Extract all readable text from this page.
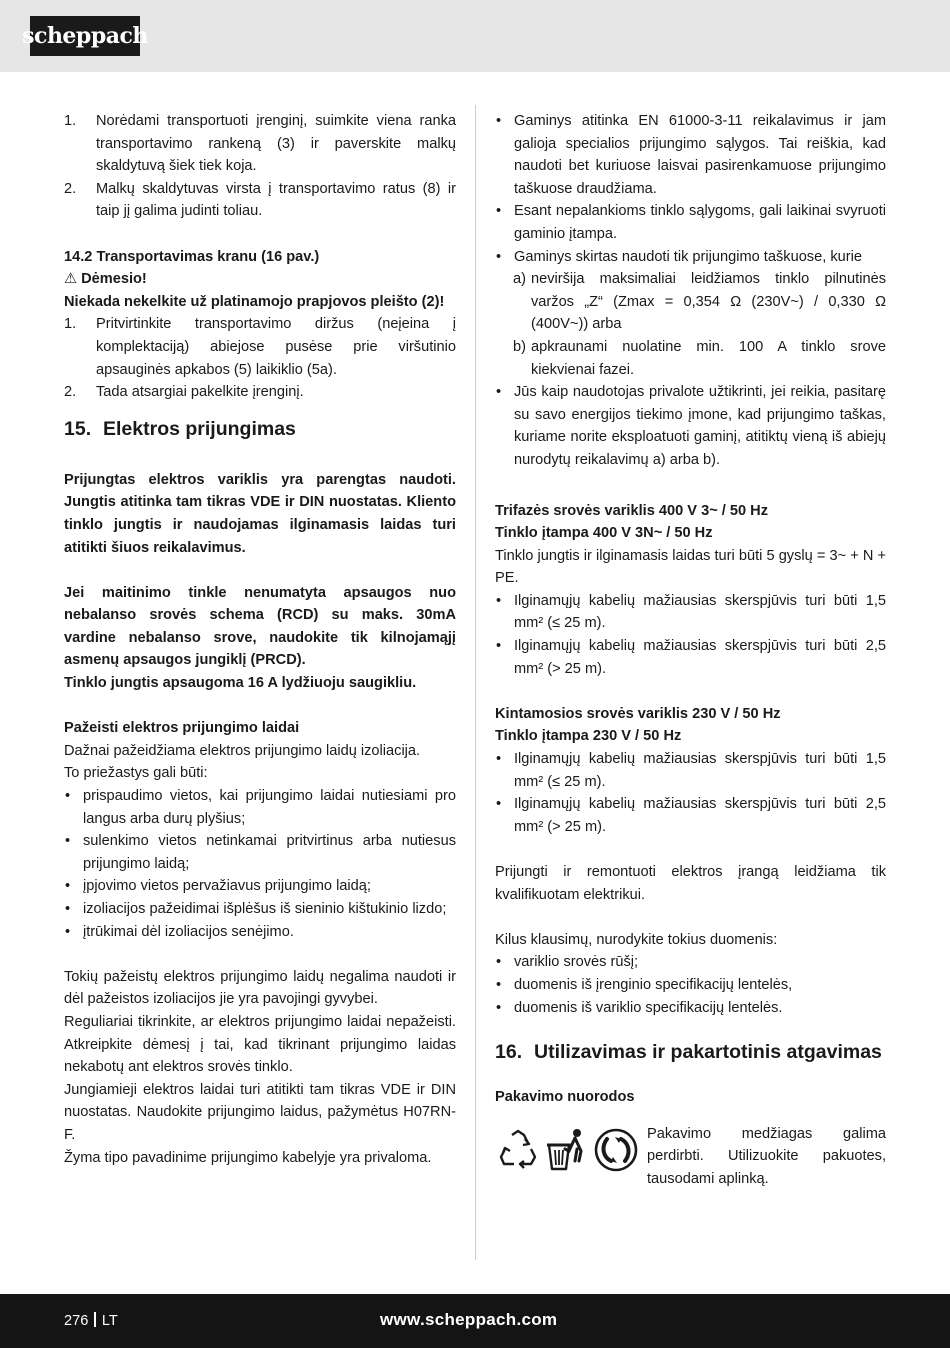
scheppach
1. Norėdami transportuoti įrenginį, suimkite viena ranka transportavimo rankeną (3) ir paverskite malkų skaldytuvą šiek tiek koja.
2. Malkų skaldytuvas virsta į transportavimo ratus (8) ir taip jį galima judinti toliau.

14.2 Transportavimas kranu (16 pav.)

⚠ Dėmesio!

Niekada nekelkite už platinamojo prapjovos pleišto (2)!

1. Pritvirtinkite transportavimo diržus (neįeina į komplektaciją) abiejose pusėse prie viršutinio apsauginės apkabos (5) laikiklio (5a).
2. Tada atsargiai pakelkite įrenginį.
15. Elektros prijungimas

Prijungtas elektros variklis yra parengtas naudoti. Jungtis atitinka tam tikras VDE ir DIN nuostatas. Kliento tinklo jungtis ir naudojamas ilginamasis laidas turi atitikti šiuos reikalavimus.

Jei maitinimo tinkle nenumatyta apsaugos nuo nebalanso srovės schema (RCD) su maks. 30mA vardine nebalanso srove, naudokite tik kilnojamąjį asmenų apsaugos jungiklį (PRCD).

Tinklo jungtis apsaugoma 16 A lydžiuoju saugikliu.

Pažeisti elektros prijungimo laidai

Dažnai pažeidžiama elektros prijungimo laidų izoliacija.

To priežastys gali būti:

• prispaudimo vietos, kai prijungimo laidai nutiesiami pro langus arba durų plyšius;
• sulenkimo vietos netinkamai pritvirtinus arba nutiesus prijungimo laidą;
• įpjovimo vietos pervažiavus prijungimo laidą;
• izoliacijos pažeidimai išplėšus iš sieninio kištukinio lizdo;
• įtrūkimai dėl izoliacijos senėjimo.

Tokių pažeistų elektros prijungimo laidų negalima naudoti ir dėl pažeistos izoliacijos jie yra pavojingi gyvybei.

Reguliariai tikrinkite, ar elektros prijungimo laidai nepažeisti. Atkreipkite dėmesį į tai, kad tikrinant prijungimo laidas nekabotų ant elektros srovės tinklo.

Jungiamieji elektros laidai turi atitikti tam tikras VDE ir DIN nuostatas. Naudokite prijungimo laidus, pažymėtus H07RN-F.

Žyma tipo pavadinime prijungimo kabelyje yra privaloma.

• Gaminys atitinka EN 61000-3-11 reikalavimus ir jam galioja specialios prijungimo sąlygos. Tai reiškia, kad naudoti bet kuriuose laisvai pasirenkamuose prijungimo taškuose draudžiama.
• Esant nepalankioms tinklo sąlygoms, gali laikinai svyruoti gaminio įtampa.
• Gaminys skirtas naudoti tik prijungimo taškuose, kurie
a) neviršija maksimaliai leidžiamos tinklo pilnutinės varžos „Z“ (Zmax = 0,354 Ω (230V~) / 0,330 Ω (400V~)) arba
b) apkraunami nuolatine min. 100 A tinklo srove kiekvienai fazei.
• Jūs kaip naudotojas privalote užtikrinti, jei reikia, pasitarę su savo energijos tiekimo įmone, kad prijungimo taškas, kuriame norite eksploatuoti gaminį, atitiktų vieną iš abiejų nurodytų reikalavimų a) arba b).

Trifazės srovės variklis 400 V 3~ / 50 Hz

Tinklo įtampa 400 V 3N~ / 50 Hz

Tinklo jungtis ir ilginamasis laidas turi būti 5 gyslų = 3~ + N + PE.

• Ilginamųjų kabelių mažiausias skerspjūvis turi būti 1,5 mm² (≤ 25 m).
• Ilginamųjų kabelių mažiausias skerspjūvis turi būti 2,5 mm² (> 25 m).

Kintamosios srovės variklis 230 V / 50 Hz

Tinklo įtampa 230 V / 50 Hz

• Ilginamųjų kabelių mažiausias skerspjūvis turi būti 1,5 mm² (≤ 25 m).
• Ilginamųjų kabelių mažiausias skerspjūvis turi būti 2,5 mm² (> 25 m).

Prijungti ir remontuoti elektros įrangą leidžiama tik kvalifikuotam elektrikui.

Kilus klausimų, nurodykite tokius duomenis:

• variklio srovės rūšį;
• duomenis iš įrenginio specifikacijų lentelės,
• duomenis iš variklio specifikacijų lentelės.
16. Utilizavimas ir pakartotinis atgavimas

Pakavimo nuorodos

Pakavimo medžiagas galima perdirbti. Utilizuokite pakuotes, tausodami aplinką.

276 LT	www.scheppach.com
